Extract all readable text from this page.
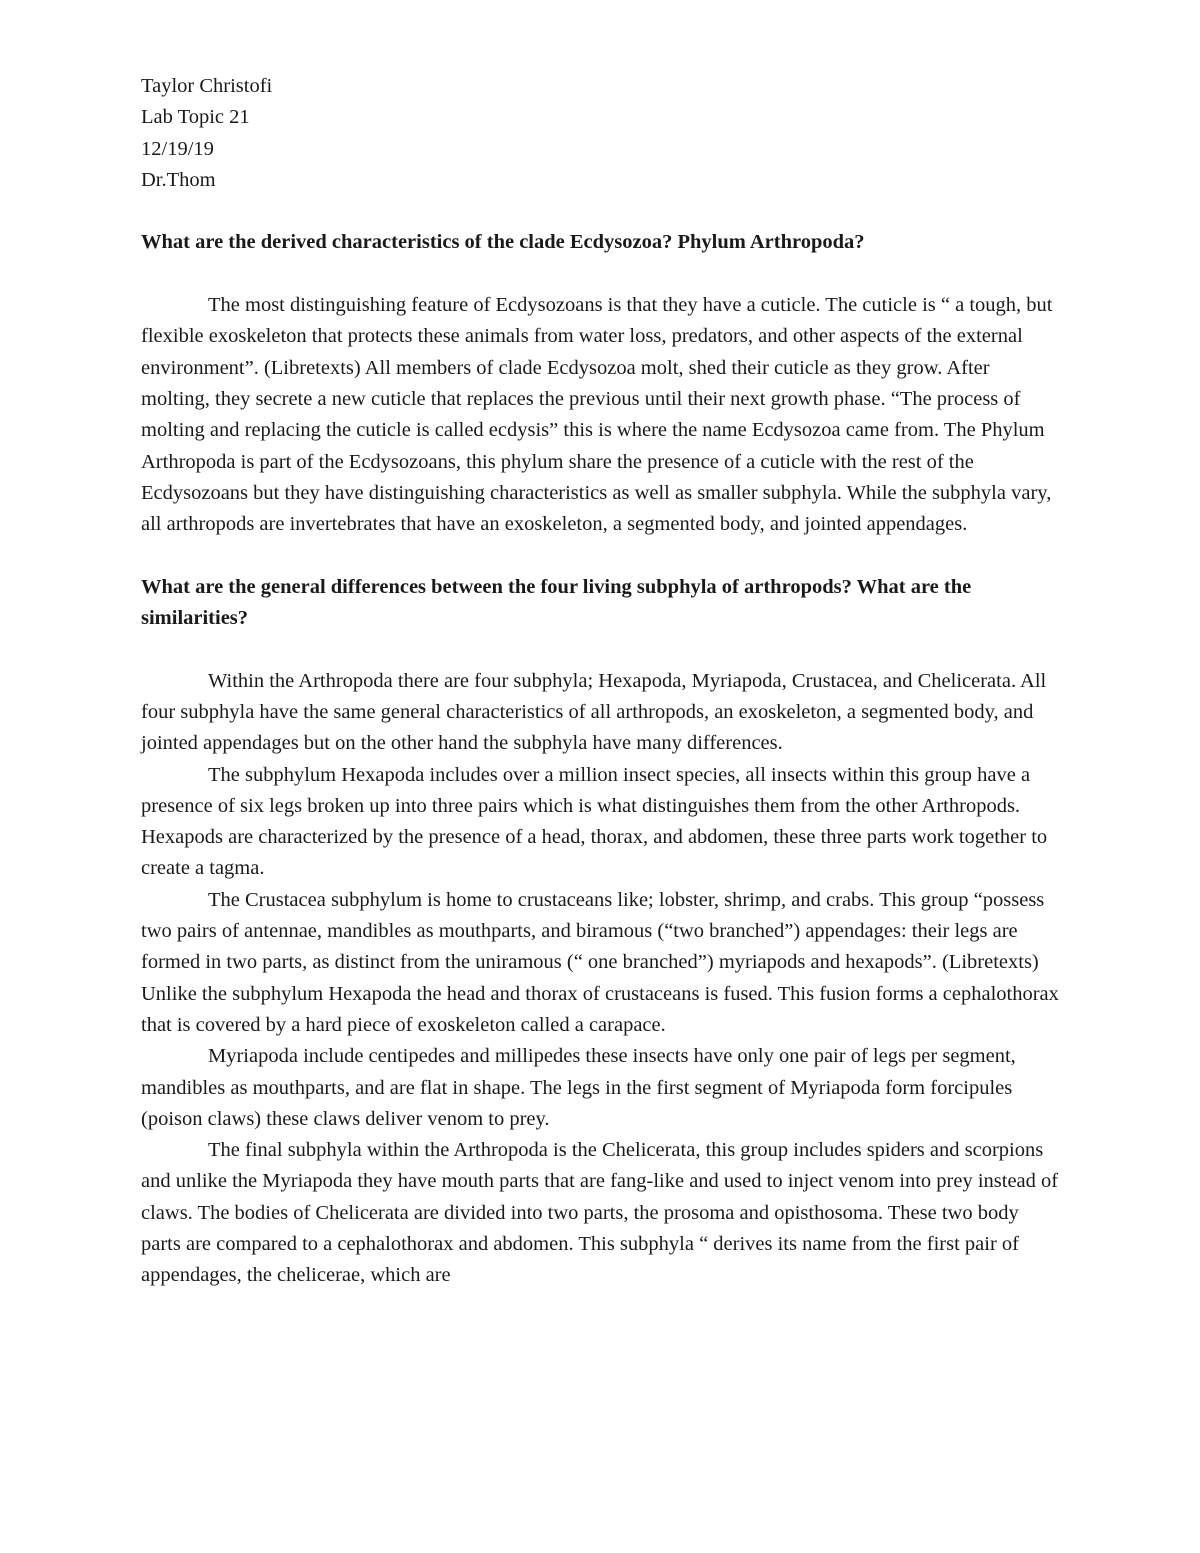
Taylor Christofi

Lab Topic 21

12/19/19

Dr.Thom

What are the derived characteristics of the clade Ecdysozoa? Phylum Arthropoda?

The most distinguishing feature of Ecdysozoans is that they have a cuticle. The cuticle is “ a tough, but flexible exoskeleton that protects these animals from water loss, predators, and other aspects of the external environment”. (Libretexts) All members of clade Ecdysozoa molt, shed their cuticle as they grow. After molting, they secrete a new cuticle that replaces the previous until their next growth phase. “The process of molting and replacing the cuticle is called ecdysis” this is where the name Ecdysozoa came from. The Phylum Arthropoda is part of the Ecdysozoans, this phylum share the presence of a cuticle with the rest of the Ecdysozoans but they have distinguishing characteristics as well as smaller subphyla. While the subphyla vary, all arthropods are invertebrates that have an exoskeleton, a segmented body, and jointed appendages.

What are the general differences between the four living subphyla of arthropods? What are the similarities?

Within the Arthropoda there are four subphyla; Hexapoda, Myriapoda, Crustacea, and Chelicerata. All four subphyla have the same general characteristics of all arthropods, an exoskeleton, a segmented body, and jointed appendages but on the other hand the subphyla have many differences.

The subphylum Hexapoda includes over a million insect species, all insects within this group have a presence of six legs broken up into three pairs which is what distinguishes them from the other Arthropods. Hexapods are characterized by the presence of a head, thorax, and abdomen, these three parts work together to create a tagma.

The Crustacea subphylum is home to crustaceans like; lobster, shrimp, and crabs. This group “possess two pairs of antennae, mandibles as mouthparts, and biramous (“two branched”) appendages: their legs are formed in two parts, as distinct from the uniramous (“ one branched”) myriapods and hexapods”. (Libretexts) Unlike the subphylum Hexapoda the head and thorax of crustaceans is fused. This fusion forms a cephalothorax that is covered by a hard piece of exoskeleton called a carapace.

Myriapoda include centipedes and millipedes these insects have only one pair of legs per segment, mandibles as mouthparts, and are flat in shape. The legs in the first segment of Myriapoda form forcipules (poison claws) these claws deliver venom to prey.

The final subphyla within the Arthropoda is the Chelicerata, this group includes spiders and scorpions and unlike the Myriapoda they have mouth parts that are fang-like and used to inject venom into prey instead of claws. The bodies of Chelicerata are divided into two parts, the prosoma and opisthosoma. These two body parts are compared to a cephalothorax and abdomen. This subphyla “ derives its name from the first pair of appendages, the chelicerae, which are
